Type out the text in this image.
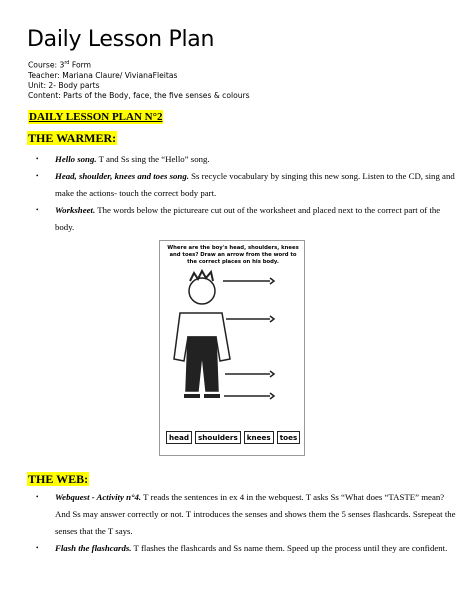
Daily Lesson Plan
Course: 3rd Form
Teacher: Mariana Claure/ VivianaFleitas
Unit: 2- Body parts
Content: Parts of the Body, face, the five senses & colours
DAILY LESSON PLAN N°2
THE WARMER:
• Hello song. T and Ss sing the “Hello” song.
• Head, shoulder, knees and toes song. Ss recycle vocabulary by singing this new song. Listen to the CD, sing and make the actions- touch the correct body part.
• Worksheet. The words below the pictureare cut out of the worksheet and placed next to the correct part of the body.
Where are the boy's head, shoulders, knees and toes? Draw an arrow from the word to the correct places on his body.
head	shoulders	knees	toes
THE WEB:
• Webquest - Activity n°4. T reads the sentences in ex 4 in the webquest. T asks Ss “What does “TASTE” mean? And Ss may answer correctly or not. T introduces the senses and shows them the 5 senses flashcards. Ssrepeat the senses that the T says.
• Flash the flashcards. T flashes the flashcards and Ss name them. Speed up the process until they are confident.
